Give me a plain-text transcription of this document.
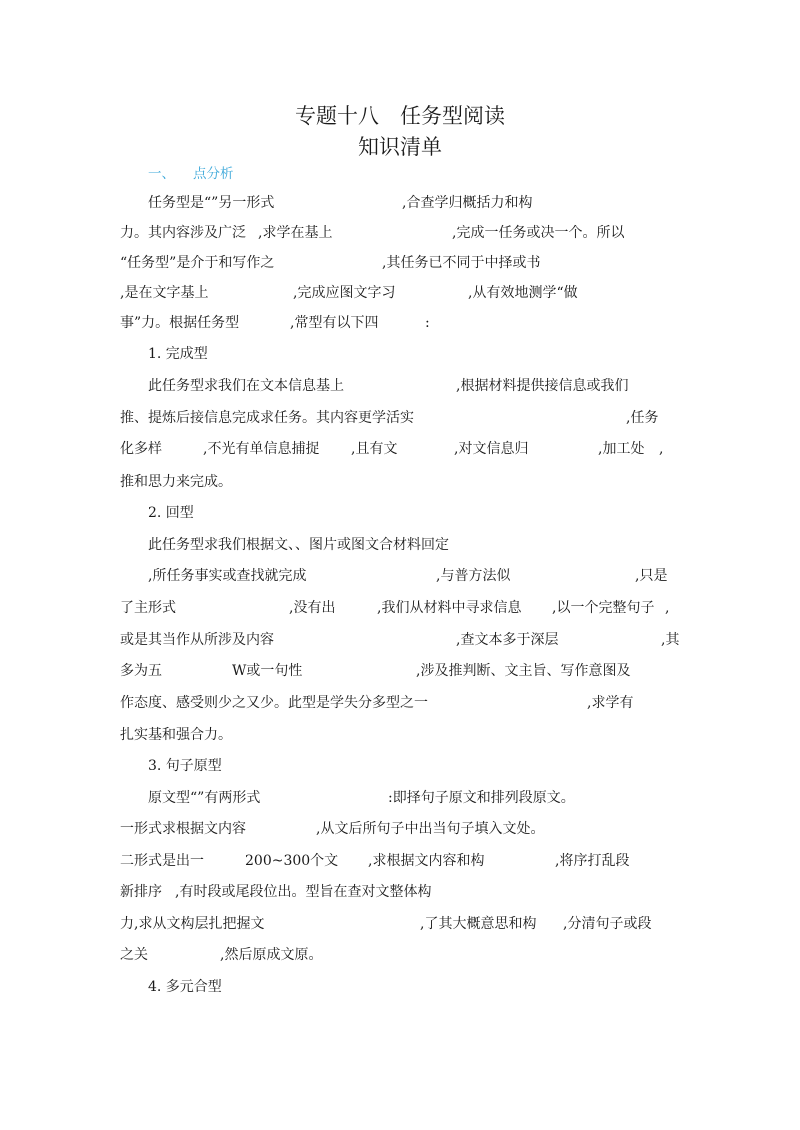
专题十八　任务型阅读
知识清单
一、 点分析
任务型是“”另一形式	,合查学归概括力和构
力。其内容涉及广泛 ,求学在基上	,完成一任务或决一个。所以
“任务型”是介于和写作之	,其任务已不同于中择或书
,是在文字基上	,完成应图文字习	,从有效地测学“做
事”力。根据任务型	,常型有以下四	:
1. 完成型
此任务型求我们在文本信息基上	,根据材料提供接信息或我们
推、提炼后接信息完成求任务。其内容更学活实	,任务
化多样	,不光有单信息捕捉 ,且有文	,对文信息归	,加工处 ,
推和思力来完成。
2. 回型
此任务型求我们根据文、、图片或图文合材料回定
,所任务事实或查找就完成	,与普方法似	,只是
了主形式	,没有出	,我们从材料中寻求信息 ,以一个完整句子 ,
或是其当作从所涉及内容	,查文本多于深层	,其
多为五	W或一句性	,涉及推判断、文主旨、写作意图及
作态度、感受则少之又少。此型是学失分多型之一	,求学有
扎实基和强合力。
3. 句子原型
原文型“”有两形式	:即择句子原文和排列段原文。
一形式求根据文内容	,从文后所句子中出当句子填入文处。
二形式是出一	200~300个文 ,求根据文内容和构	,将序打乱段
新排序 ,有时段或尾段位出。型旨在查对文整体构
力,求从文构层扎把握文	,了其大概意思和构 ,分清句子或段
之关	,然后原成文原。
4. 多元合型
